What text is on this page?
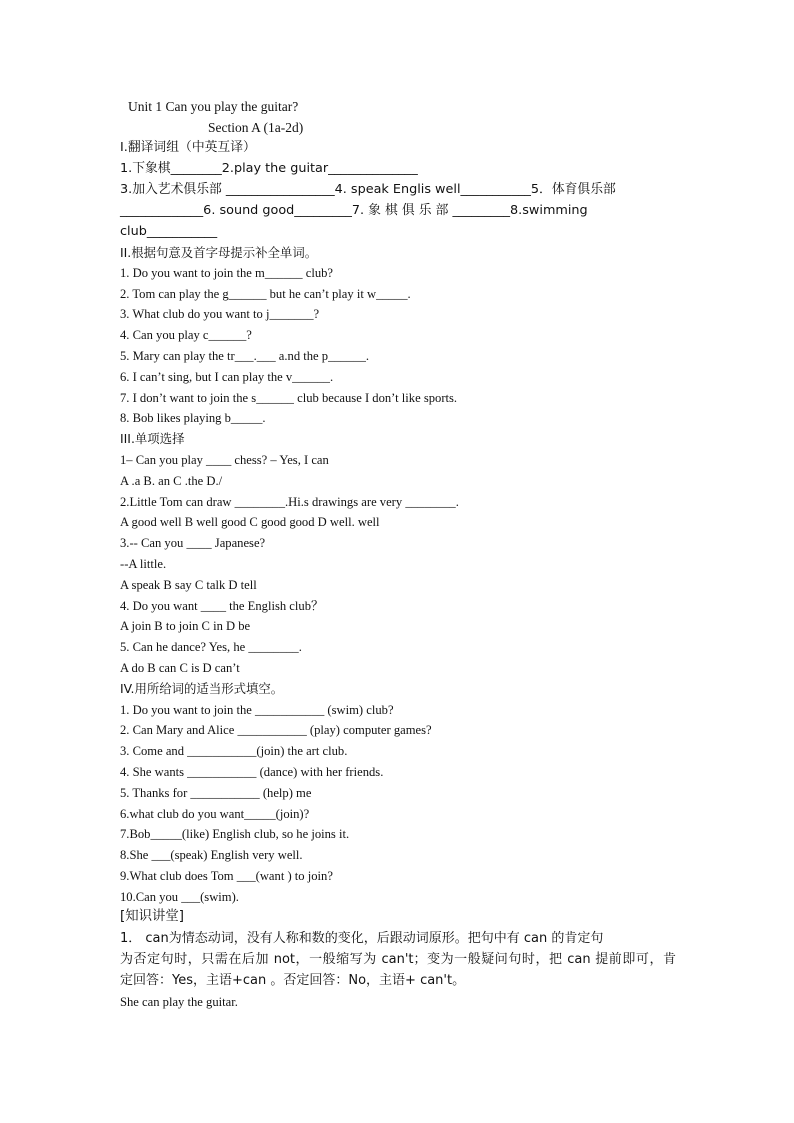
Unit 1 Can you play the guitar?
Section A (1a-2d)
I.翻译词组（中英互译）
1.下象棋________2.play the guitar______________
3.加入艺术俱乐部 _________________4. speak Englis well___________5．体育俱乐部
_____________6. sound good_________7. 象 棋 俱 乐 部 _________8.swimming
club___________
II.根据句意及首字母提示补全单词。
1. Do you want to join the m______ club?
2. Tom can play the g______ but he can’t play it w_____.
3. What club do you want to j_______?
4. Can you play c______?
5. Mary can play the tr___.___ a.nd the p______.
6. I can’t sing, but I can play the v______.
7. I don’t want to join the s______ club because I don’t like sports.
8. Bob likes playing b_____.
III.单项选择
1– Can you play ____ chess? – Yes, I can
A .a B. an C .the D./
2.Little Tom can draw ________.Hi.s drawings are very ________.
A good well B well good C good good D well. well
3.-- Can you ____ Japanese?
--A little.
A speak B say C talk D tell
4. Do you want ____ the English club？
A join B to join C in D be
5. Can he dance? Yes, he ________.
A do B can C is D can’t
IV.用所给词的适当形式填空。
1. Do you want to join the ___________ (swim) club?
2. Can Mary and Alice ___________ (play) computer games?
3. Come and ___________(join) the art club.
4. She wants ___________ (dance) with her friends.
5. Thanks for ___________ (help) me
6.what club do you want_____(join)?
7.Bob_____(like) English club, so he joins it.
8.She ___(speak) English very well.
9.What club does Tom ___(want ) to join?
10.Can you ___(swim).
[知识讲堂]
1． can为情态动词，没有人称和数的变化，后跟动词原形。把句中有 can 的肯定句
为否定句时，只需在后加 not，一般缩写为 can't；变为一般疑问句时，把 can 提前即可，肯
定回答：Yes，主语+can 。否定回答：No，主语+ can't。
She can play the guitar.
